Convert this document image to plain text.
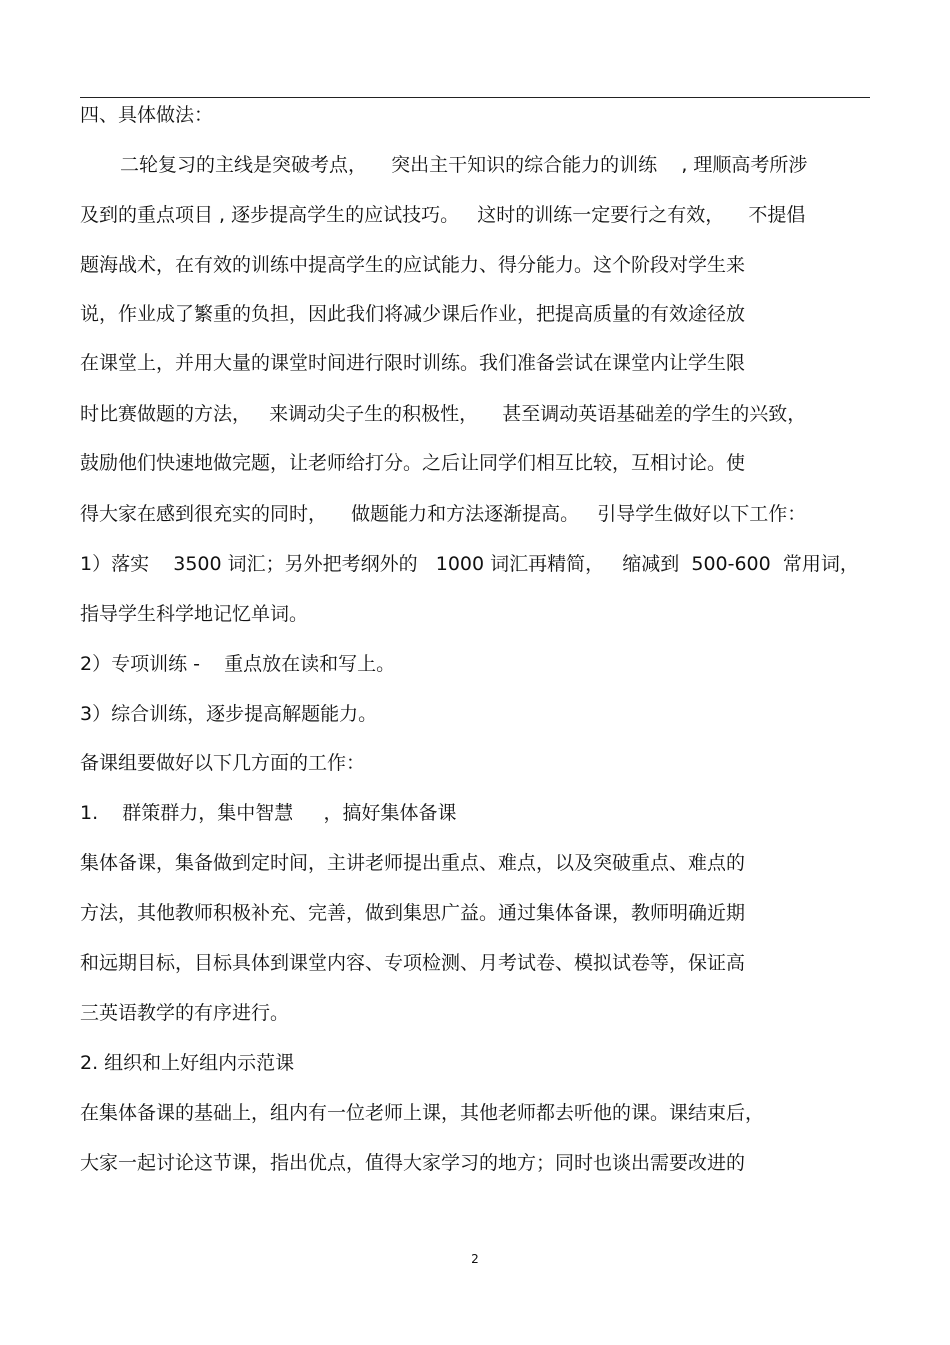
四、具体做法：
二轮复习的主线是突破考点，    突出主干知识的综合能力的训练    , 理顺高考所涉
及到的重点项目 , 逐步提高学生的应试技巧。   这时的训练一定要行之有效，    不提倡
题海战术，在有效的训练中提高学生的应试能力、得分能力。这个阶段对学生来
说，作业成了繁重的负担，因此我们将减少课后作业，把提高质量的有效途径放
在课堂上，并用大量的课堂时间进行限时训练。我们准备尝试在课堂内让学生限
时比赛做题的方法，   来调动尖子生的积极性，    甚至调动英语基础差的学生的兴致，
鼓励他们快速地做完题，让老师给打分。之后让同学们相互比较，互相讨论。使
得大家在感到很充实的同时，    做题能力和方法逐渐提高。   引导学生做好以下工作：
1）落实    3500 词汇；另外把考纲外的   1000 词汇再精简，   缩减到  500-600  常用词，
指导学生科学地记忆单词。
2）专项训练 -    重点放在读和写上。
3）综合训练，逐步提高解题能力。
备课组要做好以下几方面的工作：
1.    群策群力，集中智慧     ，搞好集体备课
集体备课，集备做到定时间，主讲老师提出重点、难点，以及突破重点、难点的
方法，其他教师积极补充、完善，做到集思广益。通过集体备课，教师明确近期
和远期目标，目标具体到课堂内容、专项检测、月考试卷、模拟试卷等，保证高
三英语教学的有序进行。
2. 组织和上好组内示范课
在集体备课的基础上，组内有一位老师上课，其他老师都去听他的课。课结束后，
大家一起讨论这节课，指出优点，值得大家学习的地方；同时也谈出需要改进的
2
